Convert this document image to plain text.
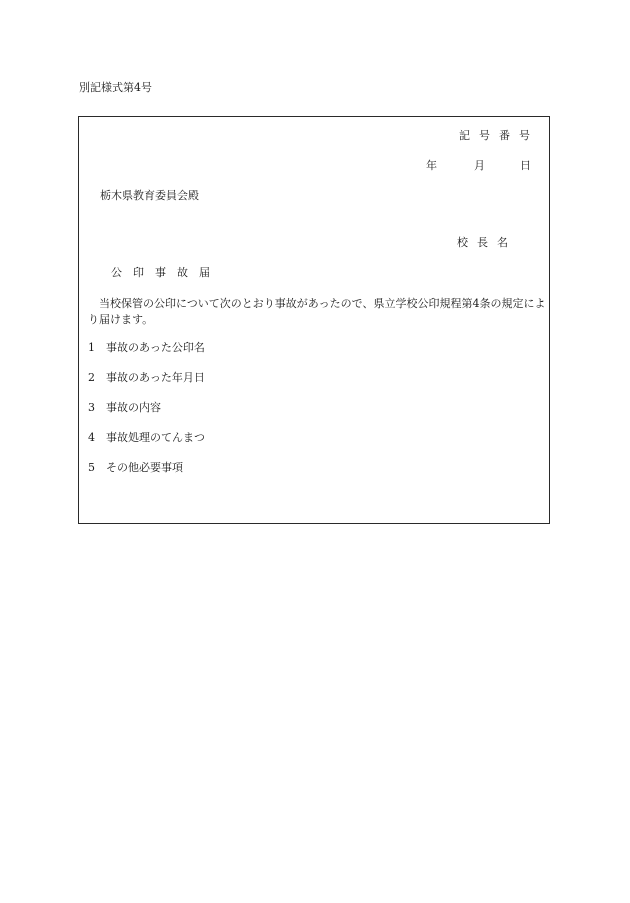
別記様式第4号
記号番号
年	月	日
栃木県教育委員会殿
校長名
公印事故届
当校保管の公印について次のとおり事故があったので、県立学校公印規程第4条の規定により届けます。
1 事故のあった公印名
2 事故のあった年月日
3 事故の内容
4 事故処理のてんまつ
5 その他必要事項
